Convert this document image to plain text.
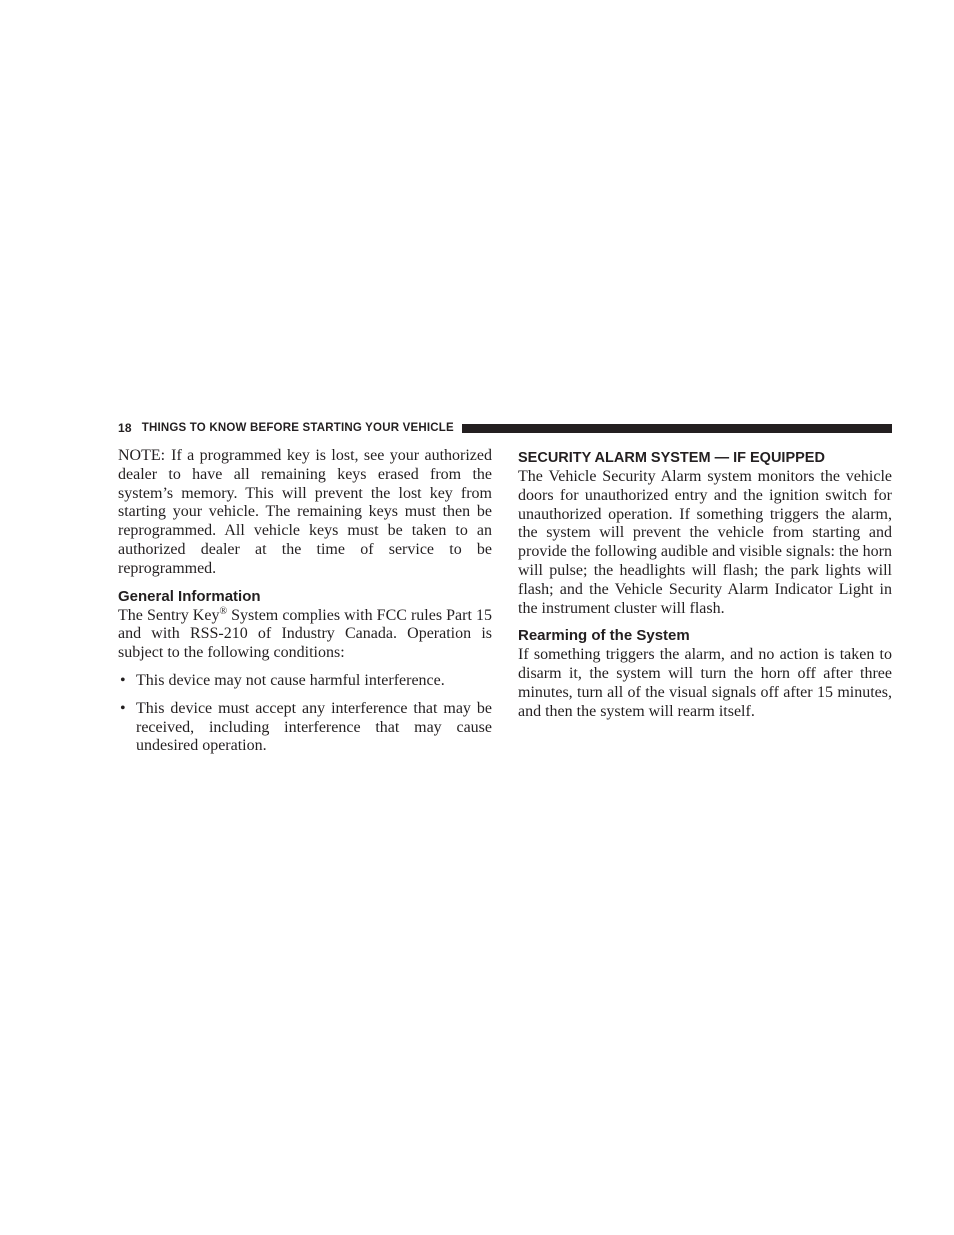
18 THINGS TO KNOW BEFORE STARTING YOUR VEHICLE

NOTE: If a programmed key is lost, see your authorized dealer to have all remaining keys erased from the system’s memory. This will prevent the lost key from starting your vehicle. The remaining keys must then be reprogrammed. All vehicle keys must be taken to an authorized dealer at the time of service to be reprogrammed.

General Information

The Sentry Key® System complies with FCC rules Part 15 and with RSS-210 of Industry Canada. Operation is subject to the following conditions:

• This device may not cause harmful interference.
• This device must accept any interference that may be received, including interference that may cause undesired operation.
SECURITY ALARM SYSTEM — IF EQUIPPED

The Vehicle Security Alarm system monitors the vehicle doors for unauthorized entry and the ignition switch for unauthorized operation. If something triggers the alarm, the system will prevent the vehicle from starting and provide the following audible and visible signals: the horn will pulse; the headlights will flash; the park lights will flash; and the Vehicle Security Alarm Indicator Light in the instrument cluster will flash.

Rearming of the System

If something triggers the alarm, and no action is taken to disarm it, the system will turn the horn off after three minutes, turn all of the visual signals off after 15 minutes, and then the system will rearm itself.
